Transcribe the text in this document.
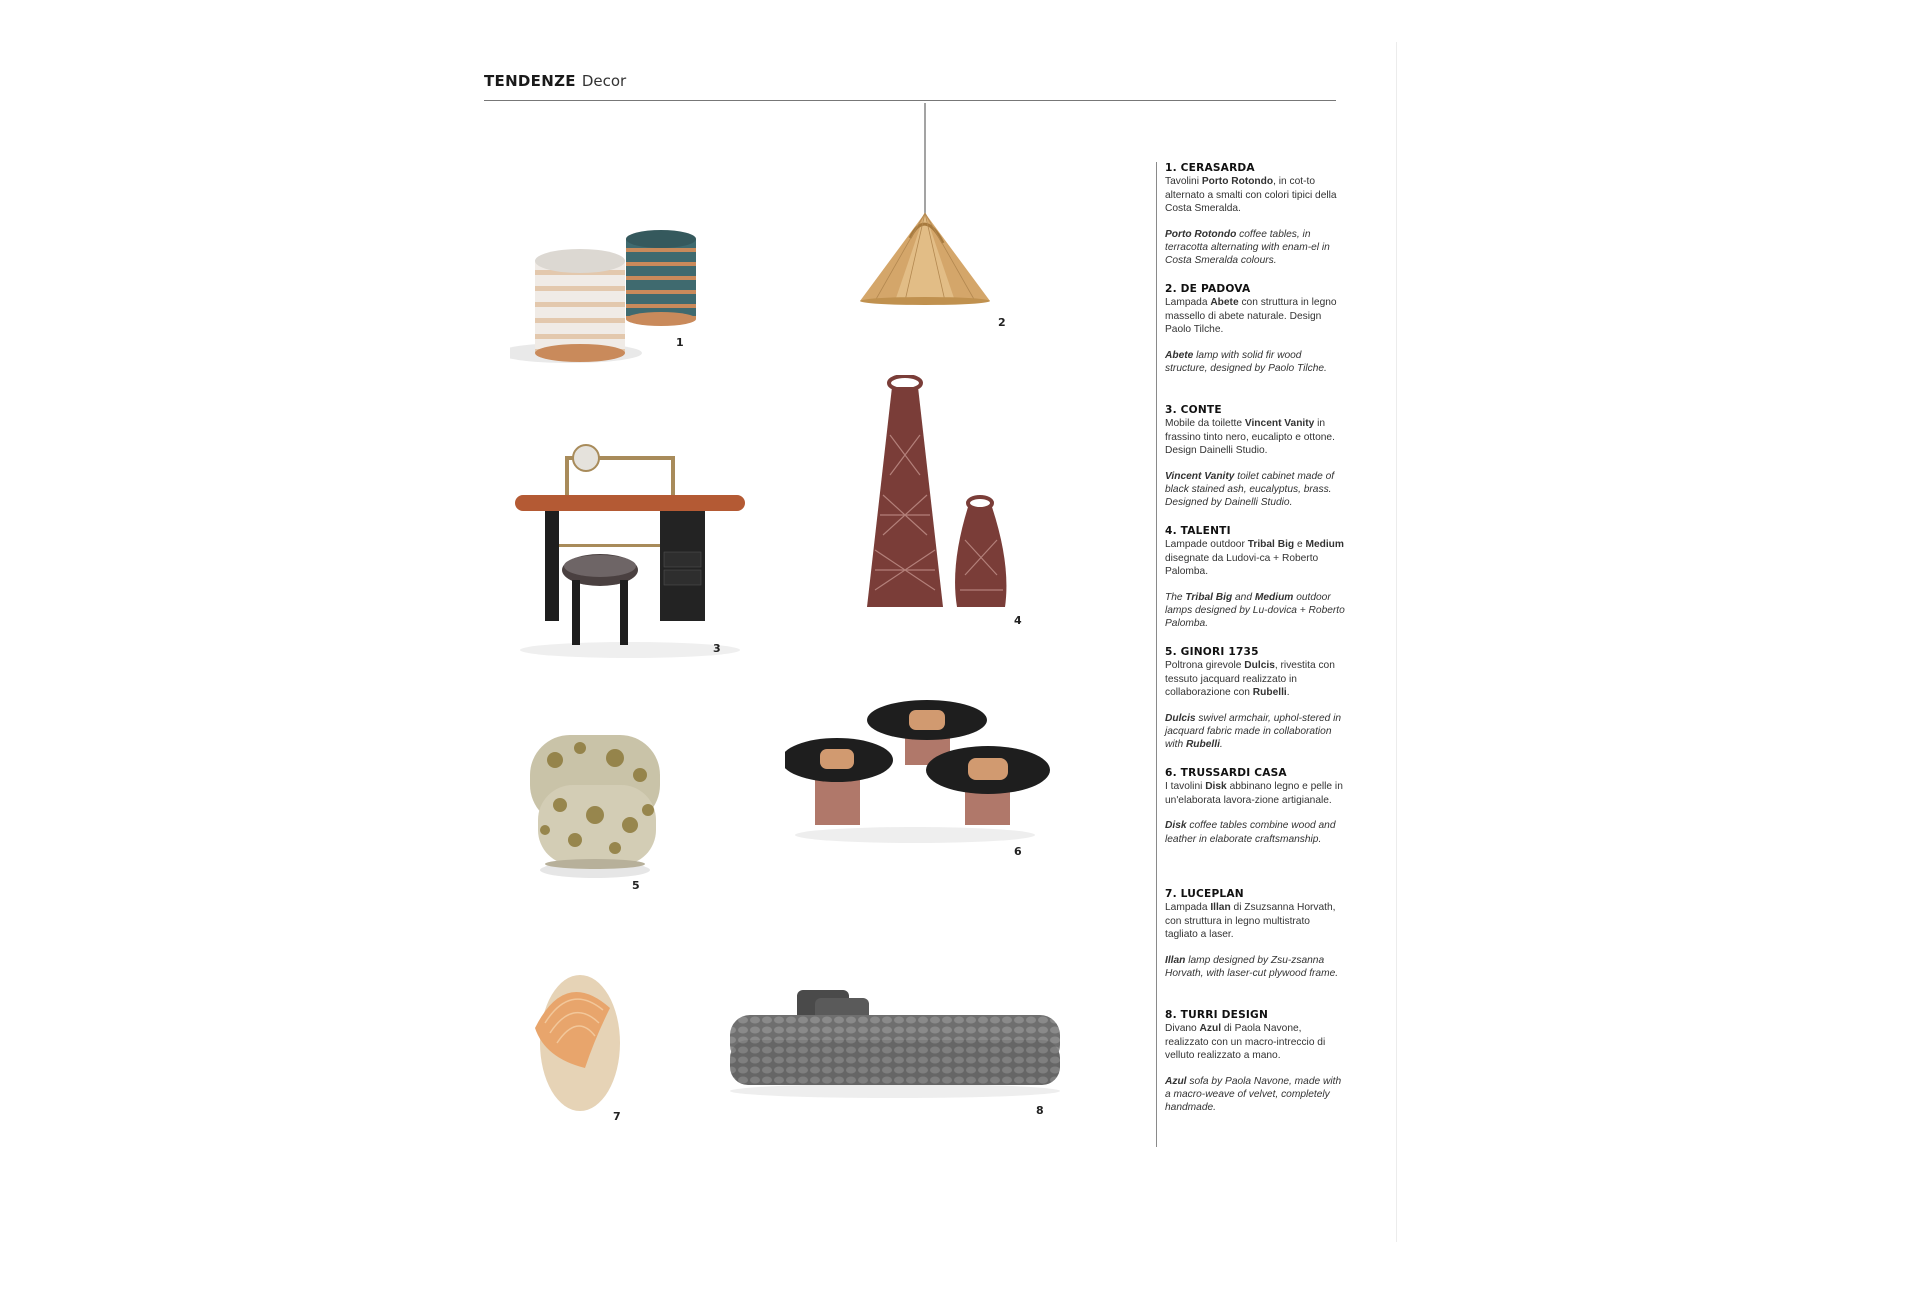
TENDENZE Decor
1
2
3
4
5
6
7	8
1. CERASARDA
Tavolini Porto Rotondo, in cot-to alternato a smalti con colori tipici della Costa Smeralda.
Porto Rotondo coffee tables, in terracotta alternating with enam-el in Costa Smeralda colours.
2. DE PADOVA
Lampada Abete con struttura in legno massello di abete naturale. Design Paolo Tilche.
Abete lamp with solid fir wood structure, designed by Paolo Tilche.
3. CONTE
Mobile da toilette Vincent Vanity in frassino tinto nero, eucalipto e ottone. Design Dainelli Studio.
Vincent Vanity toilet cabinet made of black stained ash, eucalyptus, brass. Designed by Dainelli Studio.
4. TALENTI
Lampade outdoor Tribal Big e Medium disegnate da Ludovi-ca + Roberto Palomba.
The Tribal Big and Medium outdoor lamps designed by Lu-dovica + Roberto Palomba.
5. GINORI 1735
Poltrona girevole Dulcis, rivestita con tessuto jacquard realizzato in collaborazione con Rubelli.
Dulcis swivel armchair, uphol-stered in jacquard fabric made in collaboration with Rubelli.
6. TRUSSARDI CASA
I tavolini Disk abbinano legno e pelle in un'elaborata lavora-zione artigianale.
Disk coffee tables combine wood and leather in elaborate craftsmanship.
7. LUCEPLAN
Lampada Illan di Zsuzsanna Horvath, con struttura in legno multistrato tagliato a laser.
Illan lamp designed by Zsu-zsanna Horvath, with laser-cut plywood frame.
8. TURRI DESIGN
Divano Azul di Paola Navone, realizzato con un macro-intreccio di velluto realizzato a mano.
Azul sofa by Paola Navone, made with a macro-weave of velvet, completely handmade.
